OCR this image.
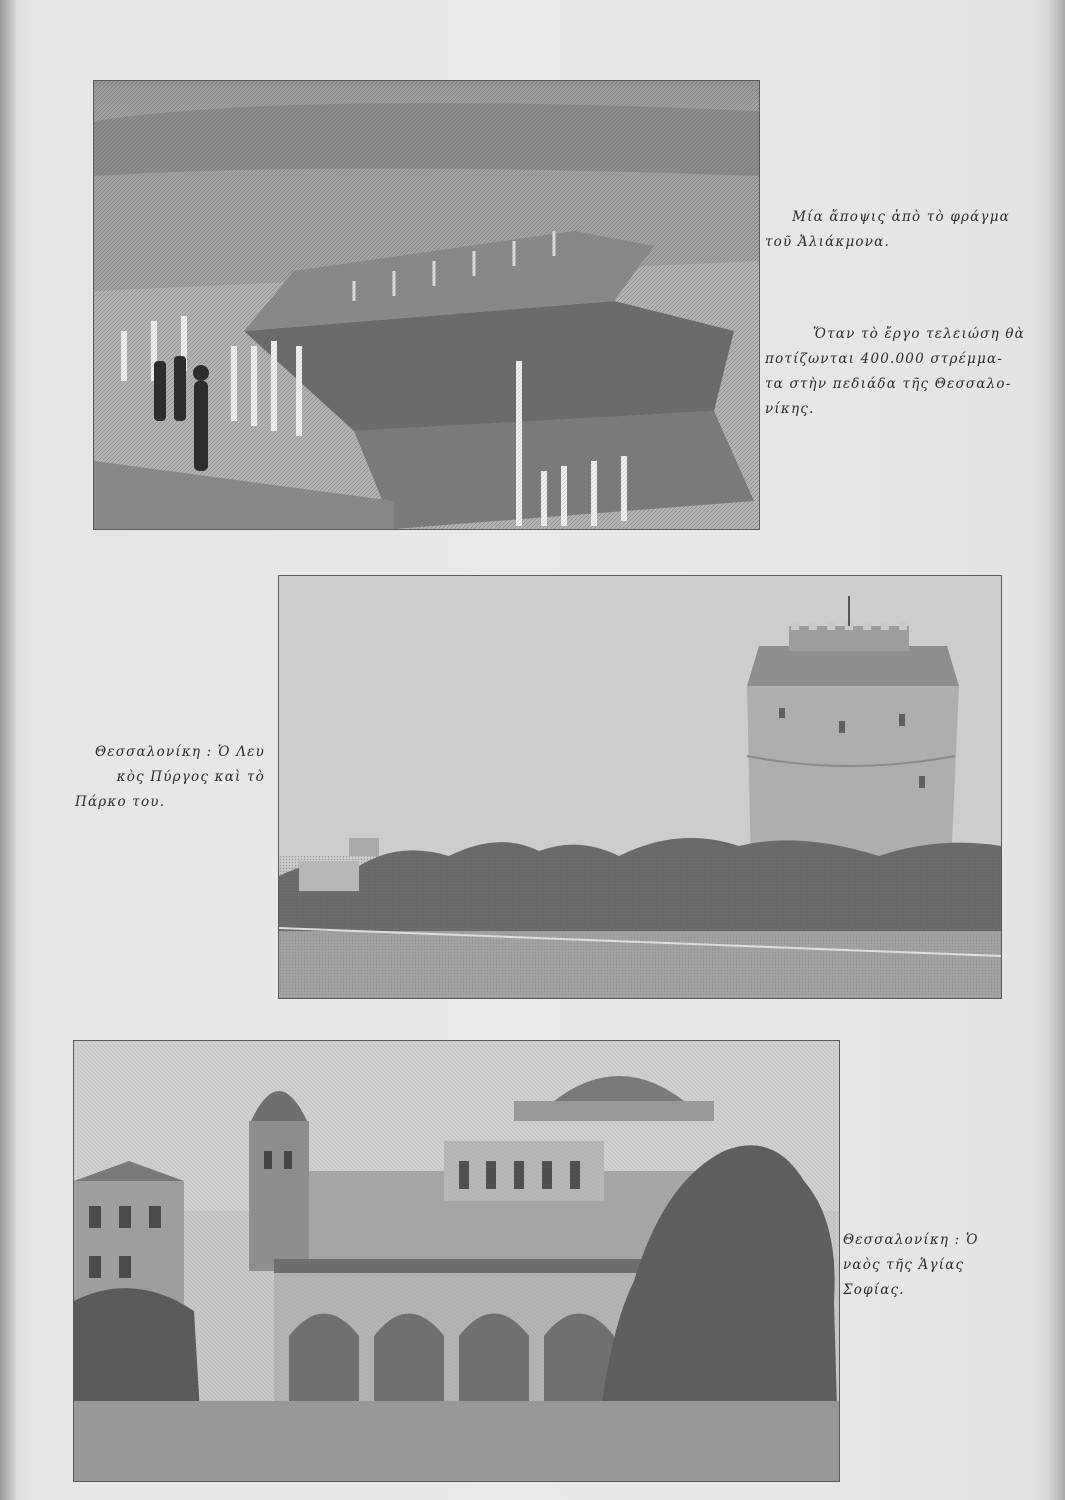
Μία ἄποψις ἀπὸ τὸ φράγμα
τοῦ Ἀλιάκμονα.

Ὅταν τὸ ἔργο τελειώση θὰ
ποτίζωνται 400.000 στρέμμα-
τα στὴν πεδιάδα τῆς Θεσσαλο-
νίκης.

Θεσσαλονίκη : Ὁ Λευ
κὸς Πύργος καὶ τὸ
Πάρκο του.

Θεσσαλονίκη : Ὁ
ναὸς τῆς Ἁγίας
Σοφίας.
